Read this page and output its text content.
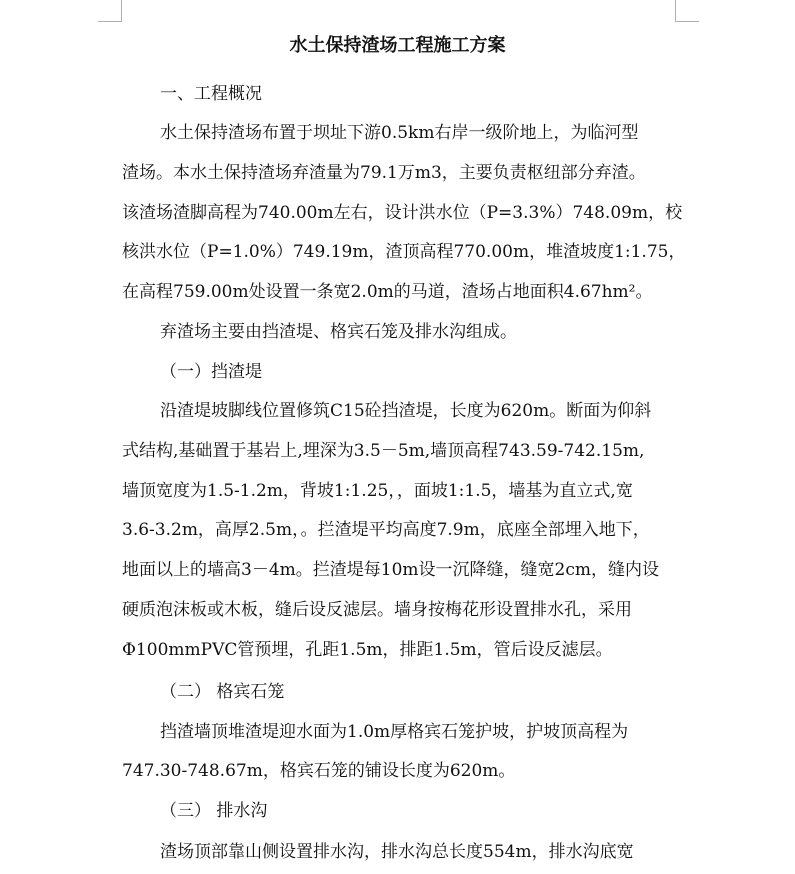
水土保持渣场工程施工方案
一、工程概况
水土保持渣场布置于坝址下游0.5km右岸一级阶地上，为临河型
渣场。本水土保持渣场弃渣量为79.1万m3，主要负责枢纽部分弃渣。
该渣场渣脚高程为740.00m左右，设计洪水位（P=3.3%）748.09m，校
核洪水位（P=1.0%）749.19m，渣顶高程770.00m，堆渣坡度1:1.75，
在高程759.00m处设置一条宽2.0m的马道，渣场占地面积4.67hm²。
弃渣场主要由挡渣堤、格宾石笼及排水沟组成。
（一）挡渣堤
沿渣堤坡脚线位置修筑C15砼挡渣堤，长度为620m。断面为仰斜
式结构,基础置于基岩上,埋深为3.5－5m,墙顶高程743.59-742.15m,
墙顶宽度为1.5-1.2m，背坡1:1.25，，面坡1:1.5，墙基为直立式,宽
3.6-3.2m，高厚2.5m，。拦渣堤平均高度7.9m，底座全部埋入地下，
地面以上的墙高3－4m。拦渣堤每10m设一沉降缝，缝宽2cm，缝内设
硬质泡沫板或木板，缝后设反滤层。墙身按梅花形设置排水孔，采用
Φ100mmPVC管预埋，孔距1.5m，排距1.5m，管后设反滤层。
（二） 格宾石笼
挡渣墙顶堆渣堤迎水面为1.0m厚格宾石笼护坡，护坡顶高程为
747.30-748.67m，格宾石笼的铺设长度为620m。
（三） 排水沟
渣场顶部靠山侧设置排水沟，排水沟总长度554m，排水沟底宽
